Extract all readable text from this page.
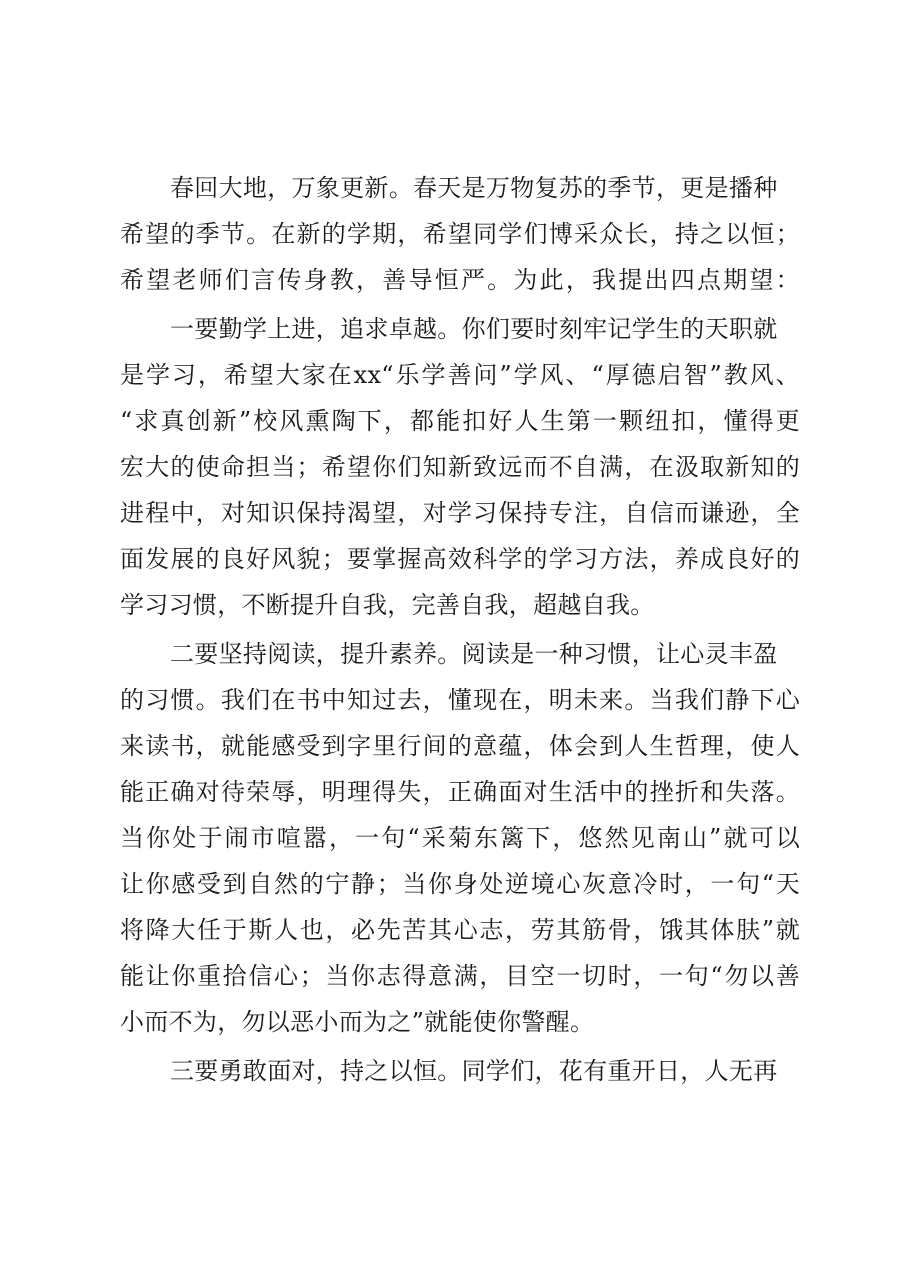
春回大地，万象更新。春天是万物复苏的季节，更是播种
希望的季节。在新的学期，希望同学们博采众长，持之以恒；
希望老师们言传身教，善导恒严。为此，我提出四点期望：
一要勤学上进，追求卓越。你们要时刻牢记学生的天职就
是学习，希望大家在xx“乐学善问”学风、“厚德启智”教风、
“求真创新”校风熏陶下，都能扣好人生第一颗纽扣，懂得更
宏大的使命担当；希望你们知新致远而不自满，在汲取新知的
进程中，对知识保持渴望，对学习保持专注，自信而谦逊，全
面发展的良好风貌；要掌握高效科学的学习方法，养成良好的
学习习惯，不断提升自我，完善自我，超越自我。
二要坚持阅读，提升素养。阅读是一种习惯，让心灵丰盈
的习惯。我们在书中知过去，懂现在，明未来。当我们静下心
来读书，就能感受到字里行间的意蕴，体会到人生哲理，使人
能正确对待荣辱，明理得失，正确面对生活中的挫折和失落。
当你处于闹市喧嚣，一句“采菊东篱下，悠然见南山”就可以
让你感受到自然的宁静；当你身处逆境心灰意冷时，一句“天
将降大任于斯人也，必先苦其心志，劳其筋骨，饿其体肤”就
能让你重拾信心；当你志得意满，目空一切时，一句“勿以善
小而不为，勿以恶小而为之”就能使你警醒。
三要勇敢面对，持之以恒。同学们，花有重开日，人无再
